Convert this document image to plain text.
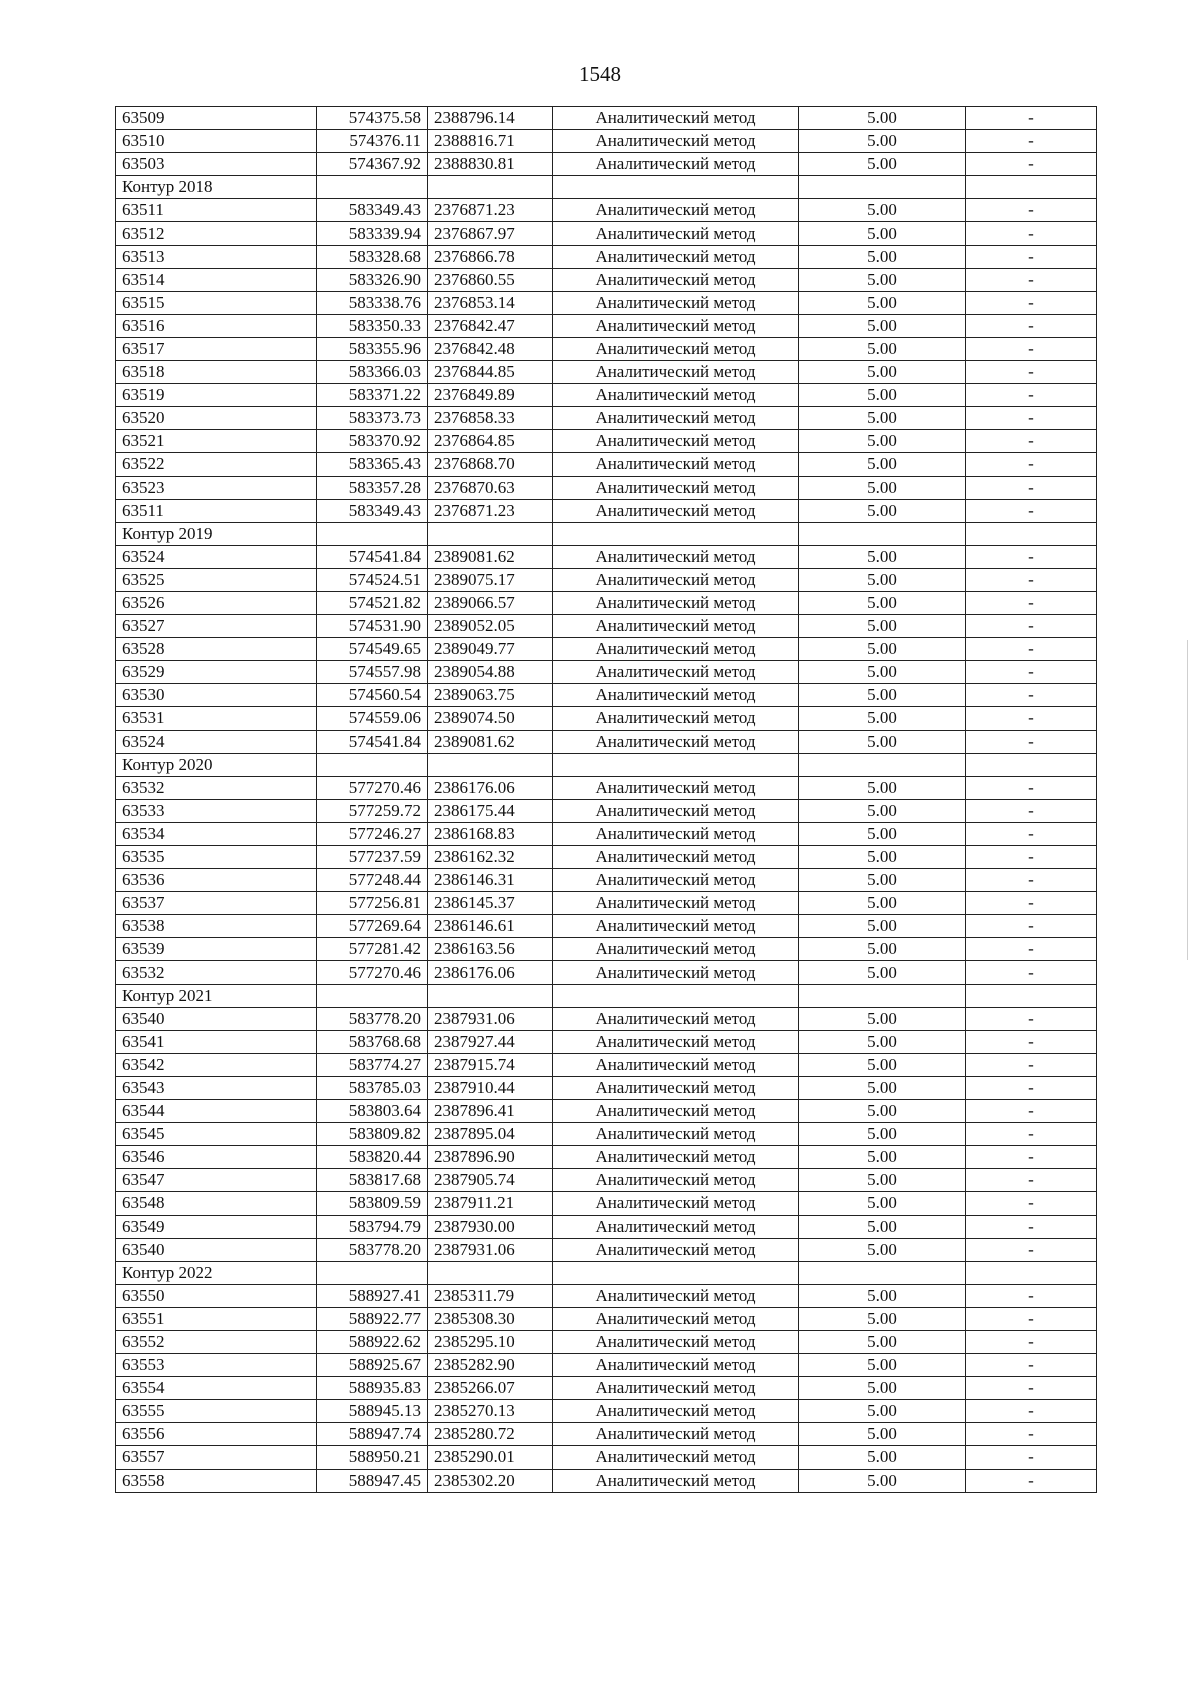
1548
63509	574375.58	2388796.14	Аналитический метод	5.00	-
63510	574376.11	2388816.71	Аналитический метод	5.00	-
63503	574367.92	2388830.81	Аналитический метод	5.00	-
Контур 2018					
63511	583349.43	2376871.23	Аналитический метод	5.00	-
63512	583339.94	2376867.97	Аналитический метод	5.00	-
63513	583328.68	2376866.78	Аналитический метод	5.00	-
63514	583326.90	2376860.55	Аналитический метод	5.00	-
63515	583338.76	2376853.14	Аналитический метод	5.00	-
63516	583350.33	2376842.47	Аналитический метод	5.00	-
63517	583355.96	2376842.48	Аналитический метод	5.00	-
63518	583366.03	2376844.85	Аналитический метод	5.00	-
63519	583371.22	2376849.89	Аналитический метод	5.00	-
63520	583373.73	2376858.33	Аналитический метод	5.00	-
63521	583370.92	2376864.85	Аналитический метод	5.00	-
63522	583365.43	2376868.70	Аналитический метод	5.00	-
63523	583357.28	2376870.63	Аналитический метод	5.00	-
63511	583349.43	2376871.23	Аналитический метод	5.00	-
Контур 2019					
63524	574541.84	2389081.62	Аналитический метод	5.00	-
63525	574524.51	2389075.17	Аналитический метод	5.00	-
63526	574521.82	2389066.57	Аналитический метод	5.00	-
63527	574531.90	2389052.05	Аналитический метод	5.00	-
63528	574549.65	2389049.77	Аналитический метод	5.00	-
63529	574557.98	2389054.88	Аналитический метод	5.00	-
63530	574560.54	2389063.75	Аналитический метод	5.00	-
63531	574559.06	2389074.50	Аналитический метод	5.00	-
63524	574541.84	2389081.62	Аналитический метод	5.00	-
Контур 2020					
63532	577270.46	2386176.06	Аналитический метод	5.00	-
63533	577259.72	2386175.44	Аналитический метод	5.00	-
63534	577246.27	2386168.83	Аналитический метод	5.00	-
63535	577237.59	2386162.32	Аналитический метод	5.00	-
63536	577248.44	2386146.31	Аналитический метод	5.00	-
63537	577256.81	2386145.37	Аналитический метод	5.00	-
63538	577269.64	2386146.61	Аналитический метод	5.00	-
63539	577281.42	2386163.56	Аналитический метод	5.00	-
63532	577270.46	2386176.06	Аналитический метод	5.00	-
Контур 2021					
63540	583778.20	2387931.06	Аналитический метод	5.00	-
63541	583768.68	2387927.44	Аналитический метод	5.00	-
63542	583774.27	2387915.74	Аналитический метод	5.00	-
63543	583785.03	2387910.44	Аналитический метод	5.00	-
63544	583803.64	2387896.41	Аналитический метод	5.00	-
63545	583809.82	2387895.04	Аналитический метод	5.00	-
63546	583820.44	2387896.90	Аналитический метод	5.00	-
63547	583817.68	2387905.74	Аналитический метод	5.00	-
63548	583809.59	2387911.21	Аналитический метод	5.00	-
63549	583794.79	2387930.00	Аналитический метод	5.00	-
63540	583778.20	2387931.06	Аналитический метод	5.00	-
Контур 2022					
63550	588927.41	2385311.79	Аналитический метод	5.00	-
63551	588922.77	2385308.30	Аналитический метод	5.00	-
63552	588922.62	2385295.10	Аналитический метод	5.00	-
63553	588925.67	2385282.90	Аналитический метод	5.00	-
63554	588935.83	2385266.07	Аналитический метод	5.00	-
63555	588945.13	2385270.13	Аналитический метод	5.00	-
63556	588947.74	2385280.72	Аналитический метод	5.00	-
63557	588950.21	2385290.01	Аналитический метод	5.00	-
63558	588947.45	2385302.20	Аналитический метод	5.00	-
